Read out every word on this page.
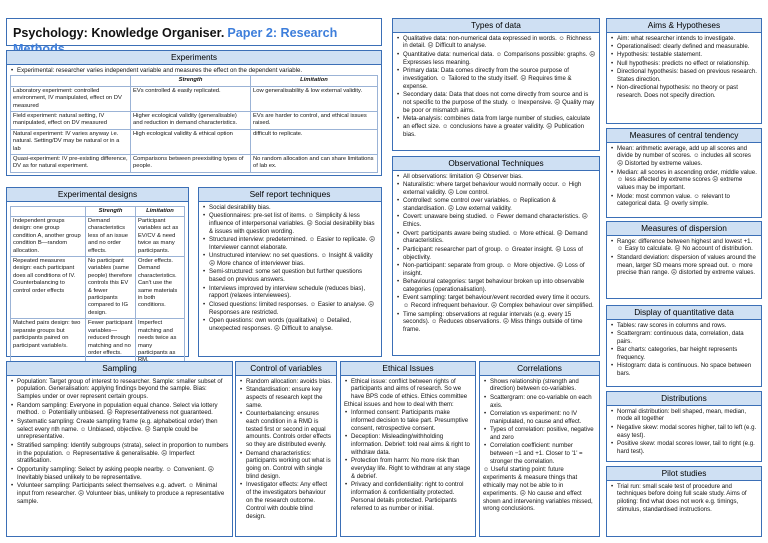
Psychology: Knowledge Organiser. Paper 2: Research
Experiments
• Experimental: researcher varies independent variable and measures the effect on the dependent variable.
	Strength	Limitation
Laboratory experiment: controlled environment, IV manipulated, effect on DV measured	EVs controlled & easily replicated.	Low generalisability & low external validity.
Field experiment: natural setting, IV manipulated, effect on DV measured	Higher ecological validity (generalisable) and reduction in demand characteristics.	EVs are harder to control, and ethical issues raised.
Natural experiment: IV varies anyway i.e. natural. Setting/DV may be natural or in a lab	High ecological validity & ethical option	difficult to replicate.
Quasi-experiment: IV pre-existing difference, DV as for natural experiment.	Comparisons between preexisiting types of people.	No random allocation and can share limitations of lab ex.
Experimental designs
	Strength	Limitation
Independent groups design: one group condition A, another group condition B—random allocation.	Demand characteristics less of an issue and no order effects.	Participant variables act as EV/CV & need twice as many participants.
Repeated measures design: each participant does all conditions of IV. Counterbalancing to control order effects	No participant variables (same people) therefore controls this EV & fewer participants compared to IG design.	Order effects. Demand characteristics. Can't use the same materials in both conditions.
Matched pairs design: two separate groups but participants paired on participant variable/s.	Fewer participant variables—reduced through matching and no order effects.	Imperfect matching and needs twice as many participants as
Self report techniques
• Social desirability bias.
• Questionnaires: pre-set list of items. ☺ Simplicity & less influence of interpersonal variables. ☹ Social desirability bias & issues with question wording.
• Structured interview: predetermined. ☺ Easier to replicate. ☹ Interviewer cannot elaborate.
• Unstructured interview: no set questions. ☺ Insight & validity ☹ More chance of interviewer bias.
• Semi-structured: some set question but further questions based on previous answers.
• Interviews improved by interview schedule (reduces bias), rapport (relaxes interviewees).
• Closed questions: limited responses. ☺ Easier to analyse. ☹ Responses are restricted.
• Open questions: own words (qualitative) ☺ Detailed, unexpected responses. ☹ Difficult to analyse.
Types of data
• Qualitative data: non-numerical data expressed in words. ☺ Richness in detail. ☹ Difficult to analyse.
• Quantitative data: numerical data. ☺ Comparisons possible: graphs. ☹ Expresses less meaning.
• Primary data: Data comes directly from the source purpose of investigation. ☺ Tailored to the study itself. ☹ Requires time & expense.
• Secondary data: Data that does not come directly from source and is not specific to the purpose of the study. ☺ Inexpensive. ☹ Quality may be poor or mismatch aims.
• Meta-analysis: combines data from large number of studies, calculate an effect size. ☺ conclusions have a greater validity. ☹ Publication bias.
Observational Techniques
• All observations: limitation ☹ Observer bias.
• Naturalistic: where target behaviour would normally occur. ☺ High external validity. ☹ Low control.
• Controlled: some control over variables. ☺ Replication & standardisation. ☹ Low external validity.
• Covert: unaware being studied. ☺ Fewer demand characteristics. ☹ Ethics.
• Overt: participants aware being studied. ☺ More ethical. ☹ Demand characteristics.
• Participant: researcher part of group. ☺ Greater insight. ☹ Loss of objectivity.
• Non-participant: separate from group. ☺ More objective. ☹ Loss of insight.
• Behavioural categories: target behaviour broken up into observable categories (operationalisation).
• Event sampling: target behaviour/event recorded every time it occurs. ☺ Record infrequent behaviour. ☹ Complex behaviour over simplified.
• Time sampling: observations at regular intervals (e.g. every 15 seconds). ☺ Reduces observations. ☹ Miss things outside of time frame.
Aims & Hypotheses
• Aim: what researcher intends to investigate.
• Operationalised: clearly defined and measurable.
• Hypothesis: testable statement.
• Null hypothesis: predicts no effect or relationship.
• Directional hypothesis: based on previous research. States direction.
• Non-directional hypothesis: no theory or past research. Does not specify direction.
Measures of central tendency
• Mean: arithmetic average, add up all scores and divide by number of scores. ☺ includes all scores ☹ Distorted by extreme values.
• Median: all scores in ascending order, middle value. ☺ less affected by extreme scores ☹ extreme values may be important.
• Mode: most common value. ☺ relevant to categorical data. ☹ overly simple.
Measures of dispersion
• Range: difference between highest and lowest +1. ☺ Easy to calculate. ☹ No account of distribution.
• Standard deviation: dispersion of values around the mean, larger SD means more spread out. ☺ more precise than range. ☹ distorted by extreme values.
Display of quantitative data
• Tables: raw scores in columns and rows.
• Scattergram: continuous data, correlation, data pairs.
• Bar charts: categories, bar height represents frequency.
• Histogram: data is continuous. No space between bars.
Sampling
• Population: Target group of interest to researcher. Sample: smaller subset of population. Generalisation: applying findings beyond the sample. Bias: Samples under or over represent certain groups.
• Random sampling: Everyone in population equal chance. Select via lottery method. ☺ Potentially unbiased. ☹ Representativeness not guaranteed.
• Systematic sampling: Create sampling frame (e.g. alphabetical order) then select every nth name. ☺ Unbiased, objective. ☹ Sample could be unrepresentative.
• Stratified sampling: Identify subgroups (strata), select in proportion to numbers in the population. ☺ Representative & generalisable. ☹ Imperfect stratification.
• Opportunity sampling: Select by asking people nearby. ☺ Convenient. ☹ Inevitably biased unlikely to be representative.
• Volunteer sampling: Participants select themselves e.g. advert. ☺ Minimal input from researcher. ☹ Volunteer bias, unlikely to produce a representative sample.
Control of variables
• Random allocation: avoids bias.
• Standardisation: ensure key aspects of research kept the same.
• Counterbalancing: ensures each condition in a RMD is tested first or second in equal amounts. Controls order effects so they are distributed evenly.
• Demand characteristics: participants working out what is going on. Control with single blind design.
• Investigator effects: Any effect of the investigators behaviour on the research outcome. Control with double blind design.
Ethical Issues
• Ethical issue: conflict between rights of participants and aims of research. So we have BPS code of ethics. Ethics committee
Ethical issues and how to deal with them:
• Informed consent: Participants make informed decision to take part. Presumptive consent, retrospective consent.
• Deception: Misleading/withholding information. Debrief: told real aims & right to withdraw data.
• Protection from harm: No more risk than everyday life. Right to withdraw at any stage & debrief.
• Privacy and confidentiality: right to control information & confidentiality protected. Personal details protected. Participants referred to as number or initial.
Correlations
• Shows relationship (strength and direction) between co-variables.
• Scattergram: one co-variable on each axis.
• Correlation vs experiment: no IV manipulated, no cause and effect.
• Types of correlation: positive, negative and zero
• Correlation coefficient: number between −1 and +1. Closer to '1' = stronger the correlation.
☺ Useful starting point: future experiments & measure things that ethically may not be able to in experiments. ☹ No cause and effect shown and intervening variables missed, wrong conclusions.
Distributions
• Normal distribution: bell shaped, mean, median, mode all together
• Negative skew: modal scores higher, tail to left (e.g. easy test).
• Positive skew: modal scores lower, tail to right (e.g. hard test).
Pilot studies
• Trial run: small scale test of procedure and techniques before doing full scale study. Aims of piloting: find what does not work e.g. timings, stimulus, standardised instructions.
